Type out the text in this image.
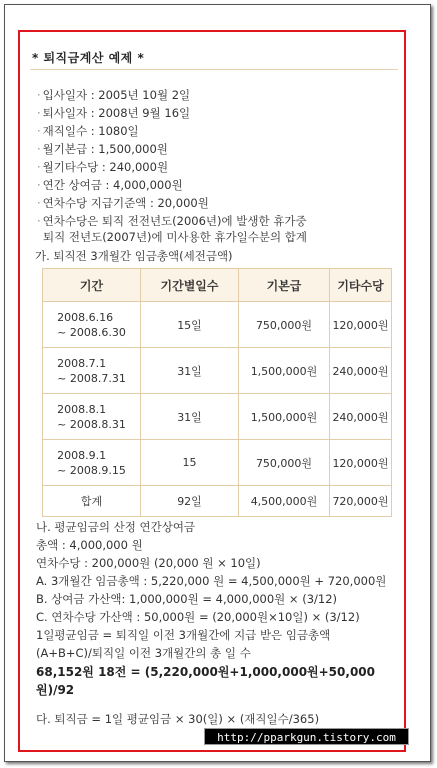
* 퇴직금계산 예제 *
· 입사일자 : 2005년 10월 2일
· 퇴사일자 : 2008년 9월 16일
· 재직일수 : 1080일
· 월기본급 : 1,500,000원
· 월기타수당 : 240,000원
· 연간 상여금 : 4,000,000원
· 연차수당 지급기준액 : 20,000원
· 연차수당은 퇴직 전전년도(2006년)에 발생한 휴가중
퇴직 전년도(2007년)에 미사용한 휴가일수분의 합계
가. 퇴직전 3개월간 임금총액(세전금액)
기간	기간별일수	기본급	기타수당

2008.6.16
~ 2008.6.30	15일	750,000원	120,000원

2008.7.1
~ 2008.7.31	31일	1,500,000원	240,000원

2008.8.1
~ 2008.8.31	31일	1,500,000원	240,000원

2008.9.1
~ 2008.9.15	15	750,000원	120,000원
합계	92일	4,500,000원	720,000원
나. 평균임금의 산정 연간상여금
총액 : 4,000,000 원
연차수당 : 200,000원 (20,000 원 × 10일)
A. 3개월간 임금총액 : 5,220,000 원 = 4,500,000원 + 720,000원
B. 상여금 가산액: 1,000,000원 = 4,000,000원 × (3/12)
C. 연차수당 가산액 : 50,000원 = (20,000원×10일) × (3/12)
1일평균임금 = 퇴직일 이전 3개월간에 지급 받은 임금총액
(A+B+C)/퇴직일 이전 3개월간의 총 일 수
68,152원 18전 = (5,220,000원+1,000,000원+50,000
원)/92
다. 퇴직금 = 1일 평균임금 × 30(일) × (재직일수/365)
http://pparkgun.tistory.com
